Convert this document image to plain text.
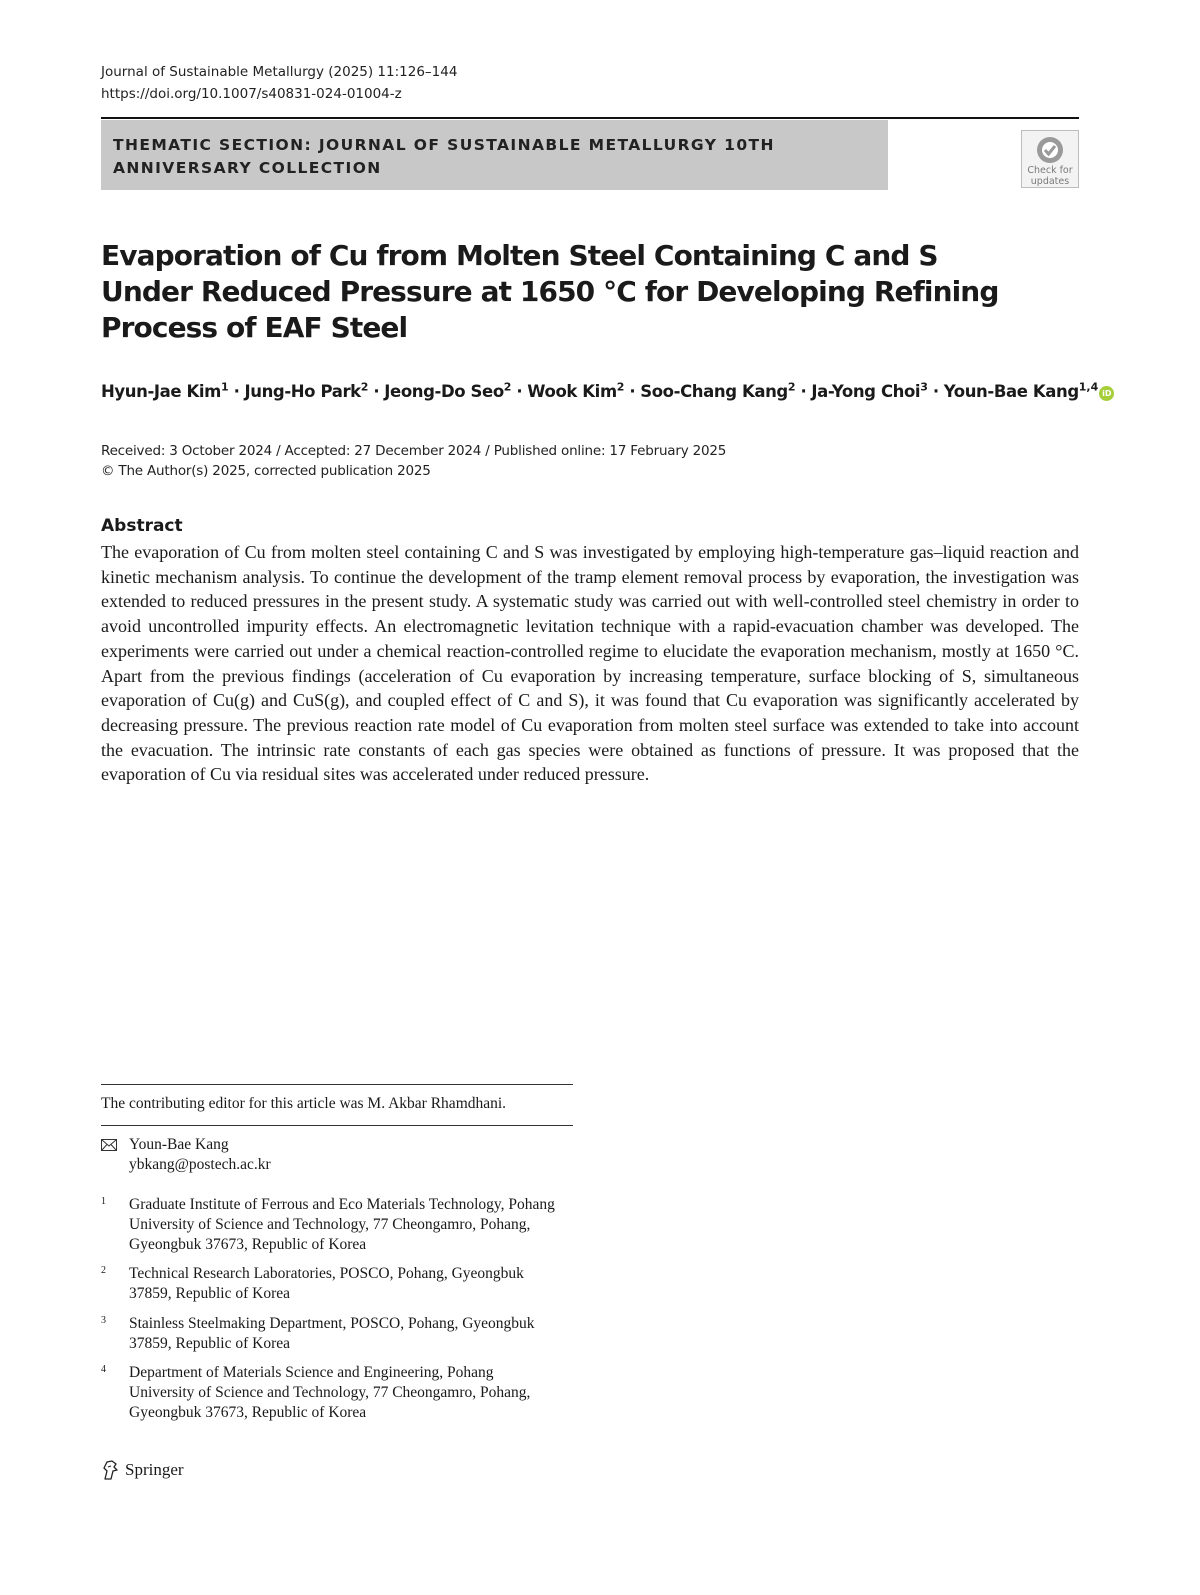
Journal of Sustainable Metallurgy (2025) 11:126–144
https://doi.org/10.1007/s40831-024-01004-z
THEMATIC SECTION: JOURNAL OF SUSTAINABLE METALLURGY 10TH ANNIVERSARY COLLECTION	Check for
updates
Evaporation of Cu from Molten Steel Containing C and S Under Reduced Pressure at 1650 °C for Developing Refining Process of EAF Steel
Hyun-Jae Kim$^1$ · Jung-Ho Park$^2$ · Jeong-Do Seo$^2$ · Wook Kim$^2$ · Soo-Chang Kang$^2$ · Ja-Yong Choi$^3$ · Youn-Bae Kang$^{1,4}$ iD
Received: 3 October 2024 / Accepted: 27 December 2024 / Published online: 17 February 2025
© The Author(s) 2025, corrected publication 2025
Abstract

The evaporation of Cu from molten steel containing C and S was investigated by employing high-temperature gas–liquid reaction and kinetic mechanism analysis. To continue the development of the tramp element removal process by evaporation, the investigation was extended to reduced pressures in the present study. A systematic study was carried out with well-controlled steel chemistry in order to avoid uncontrolled impurity effects. An electromagnetic levitation technique with a rapid-evacuation chamber was developed. The experiments were carried out under a chemical reaction-controlled regime to elucidate the evaporation mechanism, mostly at 1650 °C. Apart from the previous findings (acceleration of Cu evaporation by increasing temperature, surface blocking of S, simultaneous evaporation of Cu(g) and CuS(g), and coupled effect of C and S), it was found that Cu evaporation was significantly accelerated by decreasing pressure. The previous reaction rate model of Cu evaporation from molten steel surface was extended to take into account the evacuation. The intrinsic rate constants of each gas species were obtained as functions of pressure. It was proposed that the evaporation of Cu via residual sites was accelerated under reduced pressure.

The contributing editor for this article was M. Akbar Rhamdhani.
Youn-Bae Kang
ybkang@postech.ac.kr
1 Graduate Institute of Ferrous and Eco Materials Technology, Pohang University of Science and Technology, 77 Cheongamro, Pohang, Gyeongbuk 37673, Republic of Korea
2 Technical Research Laboratories, POSCO, Pohang, Gyeongbuk 37859, Republic of Korea
3 Stainless Steelmaking Department, POSCO, Pohang, Gyeongbuk 37859, Republic of Korea
4 Department of Materials Science and Engineering, Pohang University of Science and Technology, 77 Cheongamro, Pohang, Gyeongbuk 37673, Republic of Korea
Springer
